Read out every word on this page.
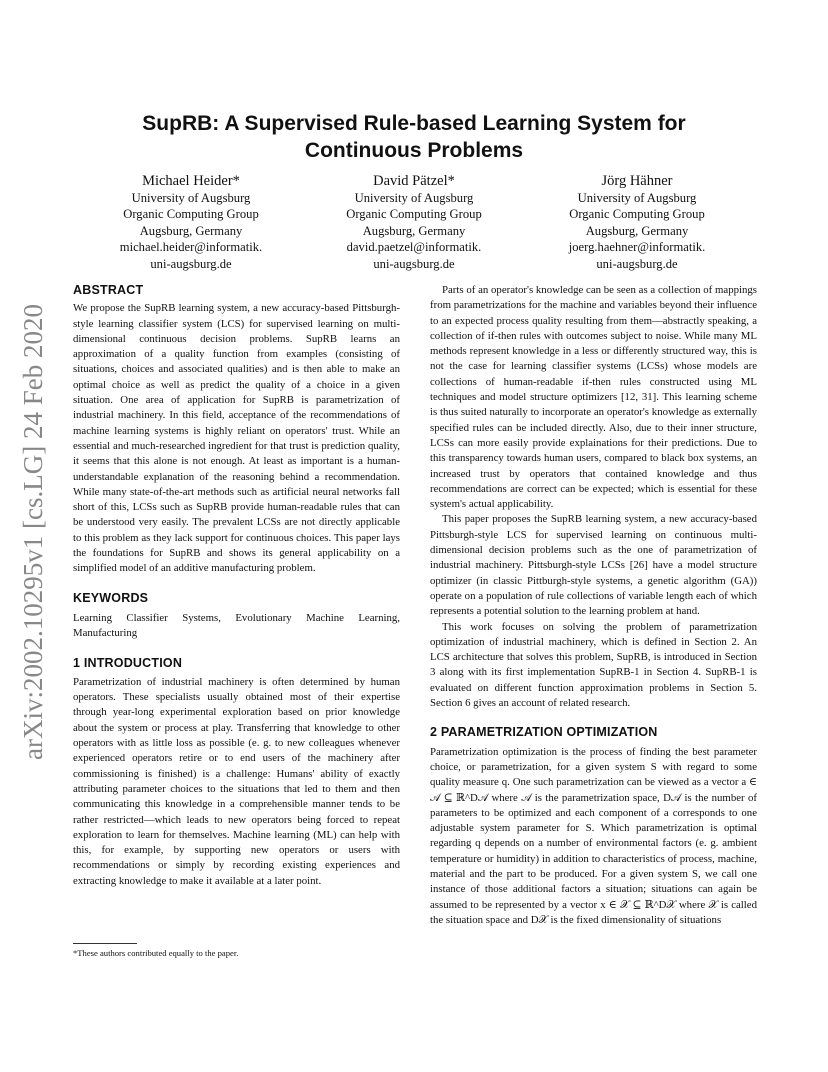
SupRB: A Supervised Rule-based Learning System for Continuous Problems
Michael Heider*
University of Augsburg
Organic Computing Group
Augsburg, Germany
michael.heider@informatik.
uni-augsburg.de
David Pätzel*
University of Augsburg
Organic Computing Group
Augsburg, Germany
david.paetzel@informatik.
uni-augsburg.de
Jörg Hähner
University of Augsburg
Organic Computing Group
Augsburg, Germany
joerg.haehner@informatik.
uni-augsburg.de
arXiv:2002.10295v1 [cs.LG] 24 Feb 2020
ABSTRACT

We propose the SupRB learning system, a new accuracy-based Pittsburgh-style learning classifier system (LCS) for supervised learning on multi-dimensional continuous decision problems. SupRB learns an approximation of a quality function from examples (consisting of situations, choices and associated qualities) and is then able to make an optimal choice as well as predict the quality of a choice in a given situation. One area of application for SupRB is parametrization of industrial machinery. In this field, acceptance of the recommendations of machine learning systems is highly reliant on operators' trust. While an essential and much-researched ingredient for that trust is prediction quality, it seems that this alone is not enough. At least as important is a human-understandable explanation of the reasoning behind a recommendation. While many state-of-the-art methods such as artificial neural networks fall short of this, LCSs such as SupRB provide human-readable rules that can be understood very easily. The prevalent LCSs are not directly applicable to this problem as they lack support for continuous choices. This paper lays the foundations for SupRB and shows its general applicability on a simplified model of an additive manufacturing problem.

KEYWORDS

Learning Classifier Systems, Evolutionary Machine Learning, Manufacturing

1 INTRODUCTION

Parametrization of industrial machinery is often determined by human operators. These specialists usually obtained most of their expertise through year-long experimental exploration based on prior knowledge about the system or process at play. Transferring that knowledge to other operators with as little loss as possible (e. g. to new colleagues whenever experienced operators retire or to end users of the machinery after commissioning is finished) is a challenge: Humans' ability of exactly attributing parameter choices to the situations that led to them and then communicating this knowledge in a comprehensible manner tends to be rather restricted—which leads to new operators being forced to repeat exploration to learn for themselves. Machine learning (ML) can help with this, for example, by supporting new operators or users with recommendations or simply by recording existing experiences and extracting knowledge to make it available at a later point.

*These authors contributed equally to the paper.

Parts of an operator's knowledge can be seen as a collection of mappings from parametrizations for the machine and variables beyond their influence to an expected process quality resulting from them—abstractly speaking, a collection of if-then rules with outcomes subject to noise. While many ML methods represent knowledge in a less or differently structured way, this is not the case for learning classifier systems (LCSs) whose models are collections of human-readable if-then rules constructed using ML techniques and model structure optimizers [12, 31]. This learning scheme is thus suited naturally to incorporate an operator's knowledge as externally specified rules can be included directly. Also, due to their inner structure, LCSs can more easily provide explainations for their predictions. Due to this transparency towards human users, compared to black box systems, an increased trust by operators that contained knowledge and thus recommendations are correct can be expected; which is essential for these system's actual applicability.

This paper proposes the SupRB learning system, a new accuracy-based Pittsburgh-style LCS for supervised learning on continuous multi-dimensional decision problems such as the one of parametrization of industrial machinery. Pittsburgh-style LCSs [26] have a model structure optimizer (in classic Pittburgh-style systems, a genetic algorithm (GA)) operate on a population of rule collections of variable length each of which represents a potential solution to the learning problem at hand.

This work focuses on solving the problem of parametrization optimization of industrial machinery, which is defined in Section 2. An LCS architecture that solves this problem, SupRB, is introduced in Section 3 along with its first implementation SupRB-1 in Section 4. SupRB-1 is evaluated on different function approximation problems in Section 5. Section 6 gives an account of related research.

2 PARAMETRIZATION OPTIMIZATION

Parametrization optimization is the process of finding the best parameter choice, or parametrization, for a given system S with regard to some quality measure q. One such parametrization can be viewed as a vector a ∈ 𝒜 ⊆ ℝ^D𝒜 where 𝒜 is the parametrization space, D𝒜 is the number of parameters to be optimized and each component of a corresponds to one adjustable system parameter for S. Which parametrization is optimal regarding q depends on a number of environmental factors (e. g. ambient temperature or humidity) in addition to characteristics of process, machine, material and the part to be produced. For a given system S, we call one instance of those additional factors a situation; situations can again be assumed to be represented by a vector x ∈ 𝒳 ⊆ ℝ^D𝒳 where 𝒳 is called the situation space and D𝒳 is the fixed dimensionality of situations
